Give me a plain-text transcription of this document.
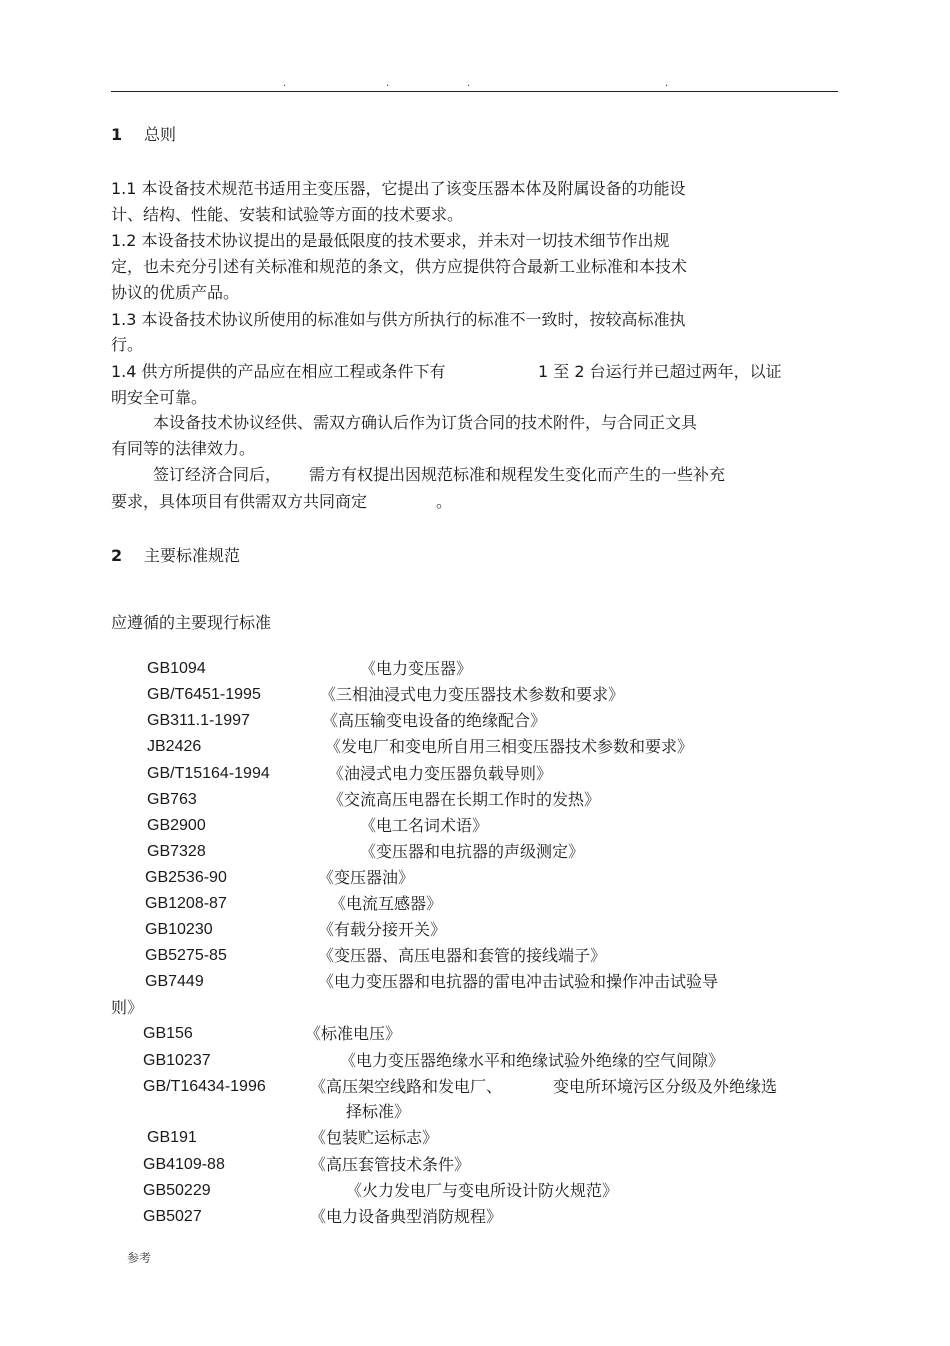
.	.	.	.
1 总则
1.1 本设备技术规范书适用主变压器，它提出了该变压器本体及附属设备的功能设
计、结构、性能、安装和试验等方面的技术要求。
1.2 本设备技术协议提出的是最低限度的技术要求，并未对一切技术细节作出规
定，也未充分引述有关标准和规范的条文，供方应提供符合最新工业标准和本技术
协议的优质产品。
1.3 本设备技术协议所使用的标准如与供方所执行的标准不一致时，按较高标准执
行。
1.4 供方所提供的产品应在相应工程或条件下有	1 至 2 台运行并已超过两年，以证
明安全可靠。
本设备技术协议经供、需双方确认后作为订货合同的技术附件，与合同正文具
有同等的法律效力。
签订经济合同后， 需方有权提出因规范标准和规程发生变化而产生的一些补充
要求，具体项目有供需双方共同商定	。
2 主要标准规范
应遵循的主要现行标准
GB1094	《电力变压器》
GB/T6451-1995	《三相油浸式电力变压器技术参数和要求》
GB311.1-1997	《高压输变电设备的绝缘配合》
JB2426	《发电厂和变电所自用三相变压器技术参数和要求》
GB/T15164-1994	《油浸式电力变压器负载导则》
GB763	《交流高压电器在长期工作时的发热》
GB2900	《电工名词术语》
GB7328	《变压器和电抗器的声级测定》
GB2536-90	《变压器油》
GB1208-87	《电流互感器》
GB10230	《有载分接开关》
GB5275-85	《变压器、高压电器和套管的接线端子》
GB7449	《电力变压器和电抗器的雷电冲击试验和操作冲击试验导
则》
GB156	《标准电压》
GB10237	《电力变压器绝缘水平和绝缘试验外绝缘的空气间隙》
GB/T16434-1996	《高压架空线路和发电厂、	变电所环境污区分级及外绝缘选
择标准》
GB191	《包装贮运标志》
GB4109-88	《高压套管技术条件》
GB50229	《火力发电厂与变电所设计防火规范》
GB5027	《电力设备典型消防规程》
参考
